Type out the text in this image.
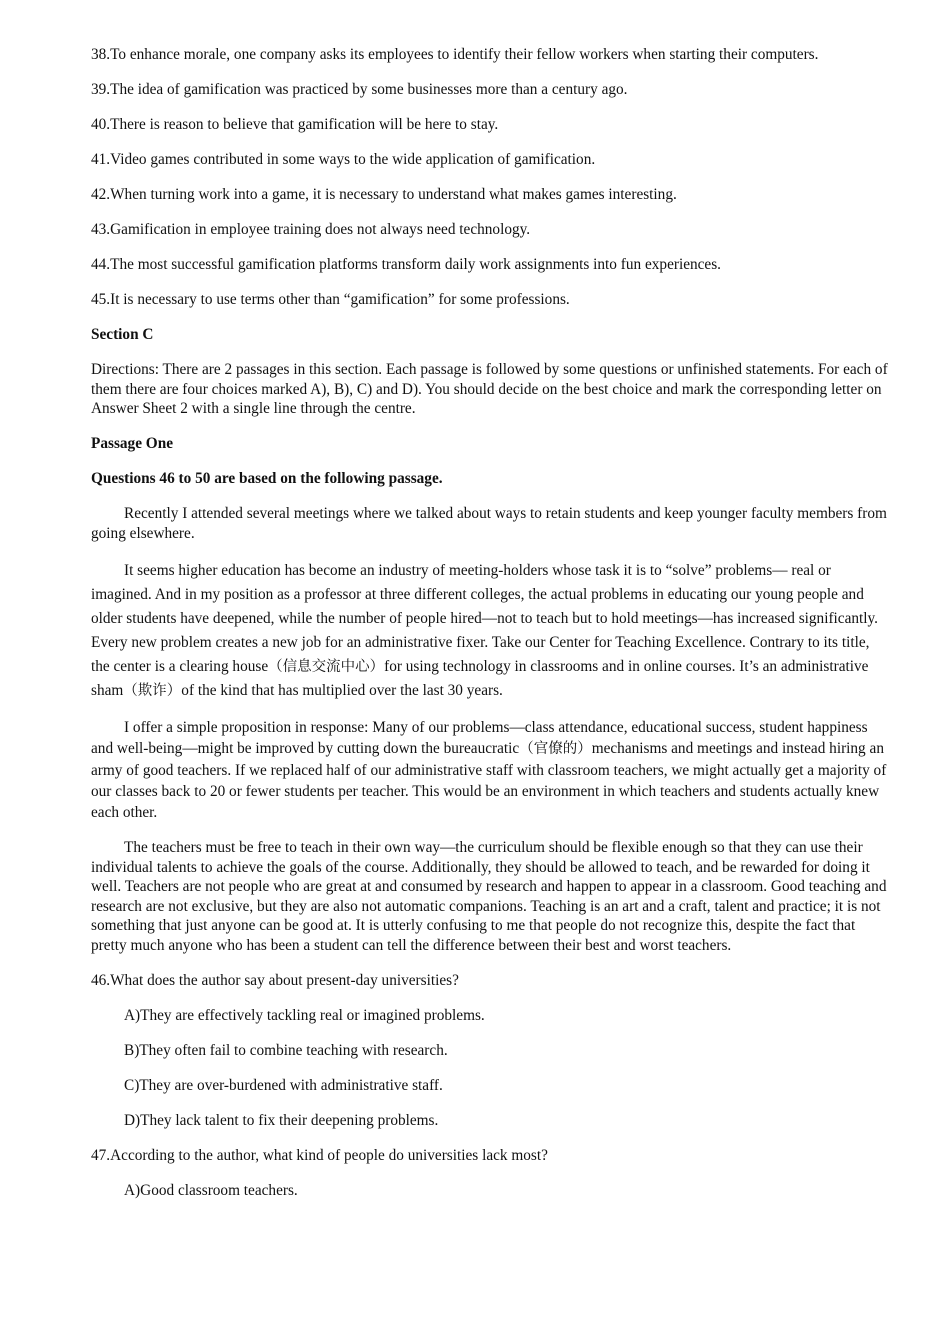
38.To enhance morale, one company asks its employees to identify their fellow workers when starting their computers.

39.The idea of gamification was practiced by some businesses more than a century ago.

40.There is reason to believe that gamification will be here to stay.

41.Video games contributed in some ways to the wide application of gamification.

42.When turning work into a game, it is necessary to understand what makes games interesting.

43.Gamification in employee training does not always need technology.

44.The most successful gamification platforms transform daily work assignments into fun experiences.

45.It is necessary to use terms other than “gamification” for some professions.

Section C

Directions: There are 2 passages in this section. Each passage is followed by some questions or unfinished statements. For each of them there are four choices marked A), B), C) and D). You should decide on the best choice and mark the corresponding letter on Answer Sheet 2 with a single line through the centre.

Passage One

Questions 46 to 50 are based on the following passage.

Recently I attended several meetings where we talked about ways to retain students and keep younger faculty members from going elsewhere.

It seems higher education has become an industry of meeting-holders whose task it is to “solve” problems— real or imagined. And in my position as a professor at three different colleges, the actual problems in educating our young people and older students have deepened, while the number of people hired—not to teach but to hold meetings—has increased significantly. Every new problem creates a new job for an administrative fixer. Take our Center for Teaching Excellence. Contrary to its title, the center is a clearing house（信息交流中心）for using technology in classrooms and in online courses. It’s an administrative sham（欺诈）of the kind that has multiplied over the last 30 years.

I offer a simple proposition in response: Many of our problems—class attendance, educational success, student happiness and well-being—might be improved by cutting down the bureaucratic（官僚的）mechanisms and meetings and instead hiring an army of good teachers. If we replaced half of our administrative staff with classroom teachers, we might actually get a majority of our classes back to 20 or fewer students per teacher. This would be an environment in which teachers and students actually knew each other.

The teachers must be free to teach in their own way—the curriculum should be flexible enough so that they can use their individual talents to achieve the goals of the course. Additionally, they should be allowed to teach, and be rewarded for doing it well. Teachers are not people who are great at and consumed by research and happen to appear in a classroom. Good teaching and research are not exclusive, but they are also not automatic companions. Teaching is an art and a craft, talent and practice; it is not something that just anyone can be good at. It is utterly confusing to me that people do not recognize this, despite the fact that pretty much anyone who has been a student can tell the difference between their best and worst teachers.

46.What does the author say about present-day universities?

A)They are effectively tackling real or imagined problems.

B)They often fail to combine teaching with research.

C)They are over-burdened with administrative staff.

D)They lack talent to fix their deepening problems.

47.According to the author, what kind of people do universities lack most?

A)Good classroom teachers.
